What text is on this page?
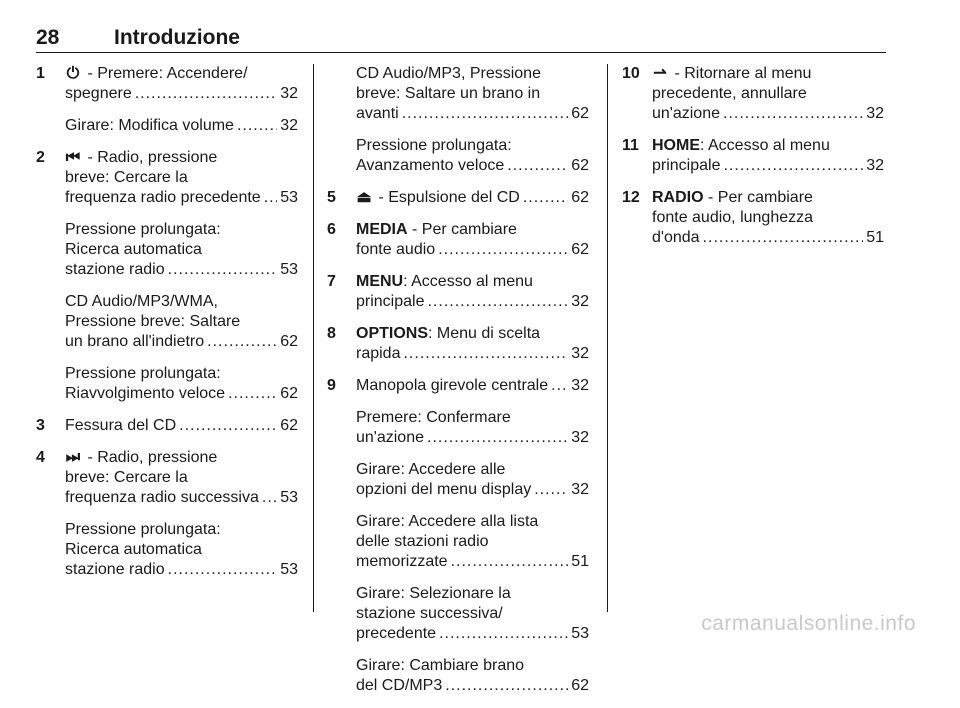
28	Introduzione
1 ⏻ - Premere: Accendere/
spegnere .....	32
Girare: Modifica volume .....	32
2 ⏮ - Radio, pressione
breve: Cercare la
frequenza radio precedente ..... 53
Pressione prolungata:
Ricerca automatica
stazione radio .....	53
CD Audio/MP3/WMA,
Pressione breve: Saltare
un brano all'indietro .....	62
Pressione prolungata:
Riavvolgimento veloce .....	62
3 Fessura del CD .....	62
4 ⏭ - Radio, pressione
breve: Cercare la
frequenza radio successiva ..... 53
Pressione prolungata:
Ricerca automatica
stazione radio .....	53
CD Audio/MP3, Pressione
breve: Saltare un brano in
avanti .....	62
Pressione prolungata:
Avanzamento veloce .....	62
5 ⏏ - Espulsione del CD .....	62
6 MEDIA - Per cambiare
fonte audio .....	62
7 MENU: Accesso al menu
principale .....	32
8 OPTIONS: Menu di scelta
rapida .....	32
9 Manopola girevole centrale ..... 32
Premere: Confermare
un'azione .....	32
Girare: Accedere alle
opzioni del menu display ..... 32
Girare: Accedere alla lista
delle stazioni radio
memorizzate .....	51
Girare: Selezionare la
stazione successiva/
precedente .....	53
Girare: Cambiare brano
del CD/MP3 .....	62
10 ⇀ - Ritornare al menu
precedente, annullare
un'azione .....	32
11 HOME: Accesso al menu
principale .....	32
12 RADIO - Per cambiare
fonte audio, lunghezza
d'onda .....	51
carmanualsonline.info
